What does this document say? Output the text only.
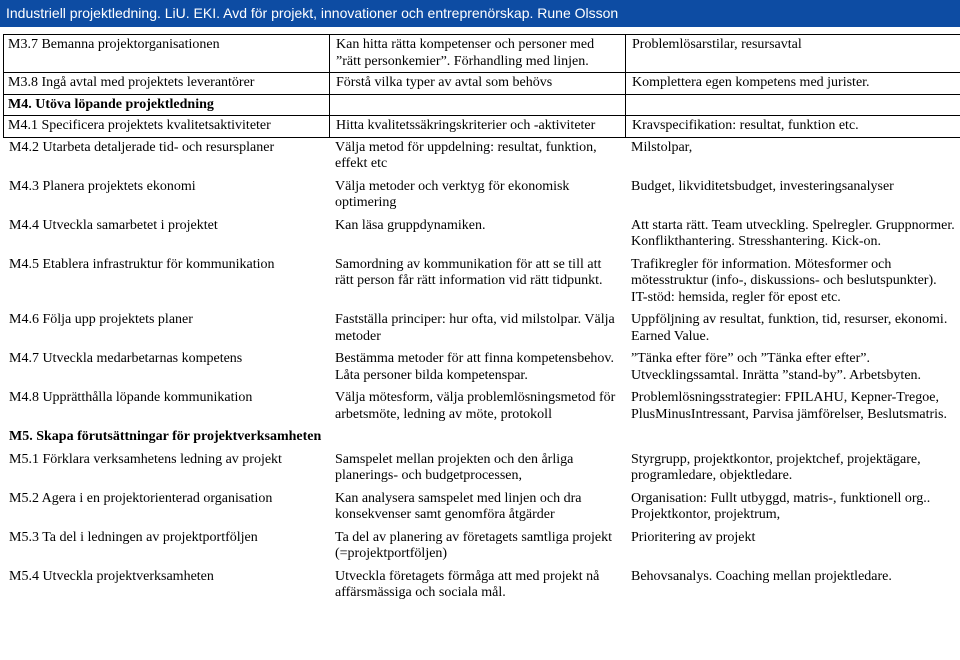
Industriell projektledning. LiU. EKI. Avd för projekt, innovationer och entreprenörskap. Rune Olsson
M3.7 Bemanna projektorganisationen	Kan hitta rätta kompetenser och personer med ”rätt personkemier”. Förhandling med linjen.	Problemlösarstilar, resursavtal
M3.8 Ingå avtal med projektets leverantörer	Förstå vilka typer av avtal som behövs	Komplettera egen kompetens med jurister.
M4. Utöva löpande projektledning		
M4.1 Specificera projektets kvalitetsaktiviteter	Hitta kvalitetssäkringskriterier och -aktiviteter	Kravspecifikation: resultat, funktion etc.
M4.2 Utarbeta detaljerade tid- och resursplaner	Välja metod för uppdelning: resultat, funktion, effekt etc	Milstolpar,
M4.3 Planera projektets ekonomi	Välja metoder och verktyg för ekonomisk optimering	Budget, likviditetsbudget, investeringsanalyser
M4.4 Utveckla samarbetet i projektet	Kan läsa gruppdynamiken.	Att starta rätt. Team utveckling. Spelregler. Gruppnormer. Konflikthantering. Stresshantering. Kick-on.
M4.5 Etablera infrastruktur för kommunikation	Samordning av kommunikation för att se till att rätt person får rätt information vid rätt tidpunkt.	Trafikregler för information. Mötesformer och mötesstruktur (info-, diskussions- och beslutspunkter). IT-stöd: hemsida, regler för epost etc.
M4.6 Följa upp projektets planer	Fastställa principer: hur ofta, vid milstolpar. Välja metoder	Uppföljning av resultat, funktion, tid, resurser, ekonomi. Earned Value.
M4.7 Utveckla medarbetarnas kompetens	Bestämma metoder för att finna kompetensbehov. Låta personer bilda kompetenspar.	”Tänka efter före” och ”Tänka efter efter”. Utvecklingssamtal. Inrätta ”stand-by”. Arbetsbyten.
M4.8 Upprätthålla löpande kommunikation	Välja mötesform, välja problemlösningsmetod för arbetsmöte, ledning av möte, protokoll	Problemlösningsstrategier: FPILAHU, Kepner-Tregoe, PlusMinusIntressant, Parvisa jämförelser, Beslutsmatris.
M5. Skapa förutsättningar för projektverksamheten		
M5.1 Förklara verksamhetens ledning av projekt	Samspelet mellan projekten och den årliga planerings- och budgetprocessen,	Styrgrupp, projektkontor, projektchef, projektägare, programledare, objektledare.
M5.2 Agera i en projektorienterad organisation	Kan analysera samspelet med linjen och dra konsekvenser samt genomföra åtgärder	Organisation: Fullt utbyggd, matris-, funktionell org.. Projektkontor, projektrum,
M5.3 Ta del i ledningen av projektportföljen	Ta del av planering av företagets samtliga projekt (=projektportföljen)	Prioritering av projekt
M5.4 Utveckla projektverksamheten	Utveckla företagets förmåga att med projekt nå affärsmässiga och sociala mål.	Behovsanalys. Coaching mellan projektledare.
